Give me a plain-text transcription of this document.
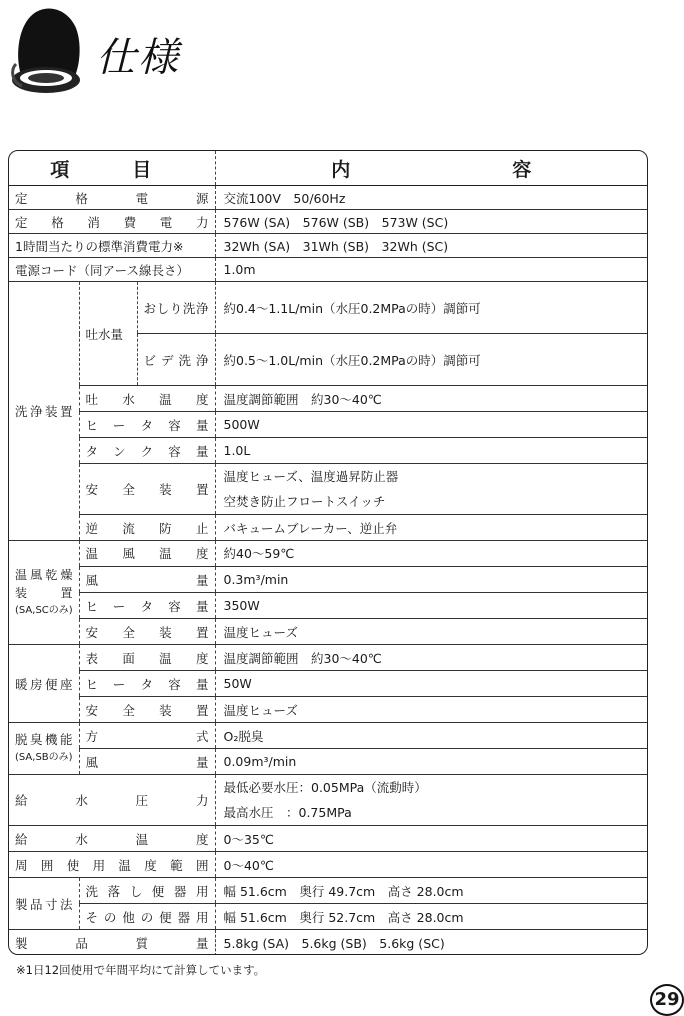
仕様
項　目			内　　容
定格電源			交流100V　50/60Hz
定格消費電力			576W (SA)　576W (SB)　573W (SC)
1時間当たりの標準消費電力※			32Wh (SA)　31Wh (SB)　32Wh (SC)
電源コード（同アース線長さ）			1.0m
洗浄装置	吐水量	おしり洗浄	約0.4〜1.1L/min（水圧0.2MPaの時）調節可
		ビデ洗浄	約0.5〜1.0L/min（水圧0.2MPaの時）調節可
	吐水温度		温度調節範囲　約30〜40℃
	ヒータ容量		500W
	タンク容量		1.0L
	安全装置		温度ヒューズ、温度過昇防止器
空焚き防止フロートスイッチ

	逆流防止		バキュームブレーカー、逆止弁

温風乾燥
装　置
(SA,SCのみ)	温風温度		約40〜59℃
	風量		0.3m³/min
	ヒータ容量		350W
	安全装置		温度ヒューズ
暖房便座	表面温度		温度調節範囲　約30〜40℃
	ヒータ容量		50W
	安全装置		温度ヒューズ

脱臭機能
(SA,SBのみ)	方式		O₂脱臭
	風量		0.09m³/min
給水圧力			最低必要水圧：0.05MPa（流動時）
最高水圧　：0.75MPa

給水温度			0〜35℃
周囲使用温度範囲			0〜40℃
製品寸法	洗落し便器用		幅 51.6cm　奥行 49.7cm　高さ 28.0cm
	その他の便器用		幅 51.6cm　奥行 52.7cm　高さ 28.0cm
製品質量			5.8kg (SA)　5.6kg (SB)　5.6kg (SC)
※1日12回使用で年間平均にて計算しています。
29
